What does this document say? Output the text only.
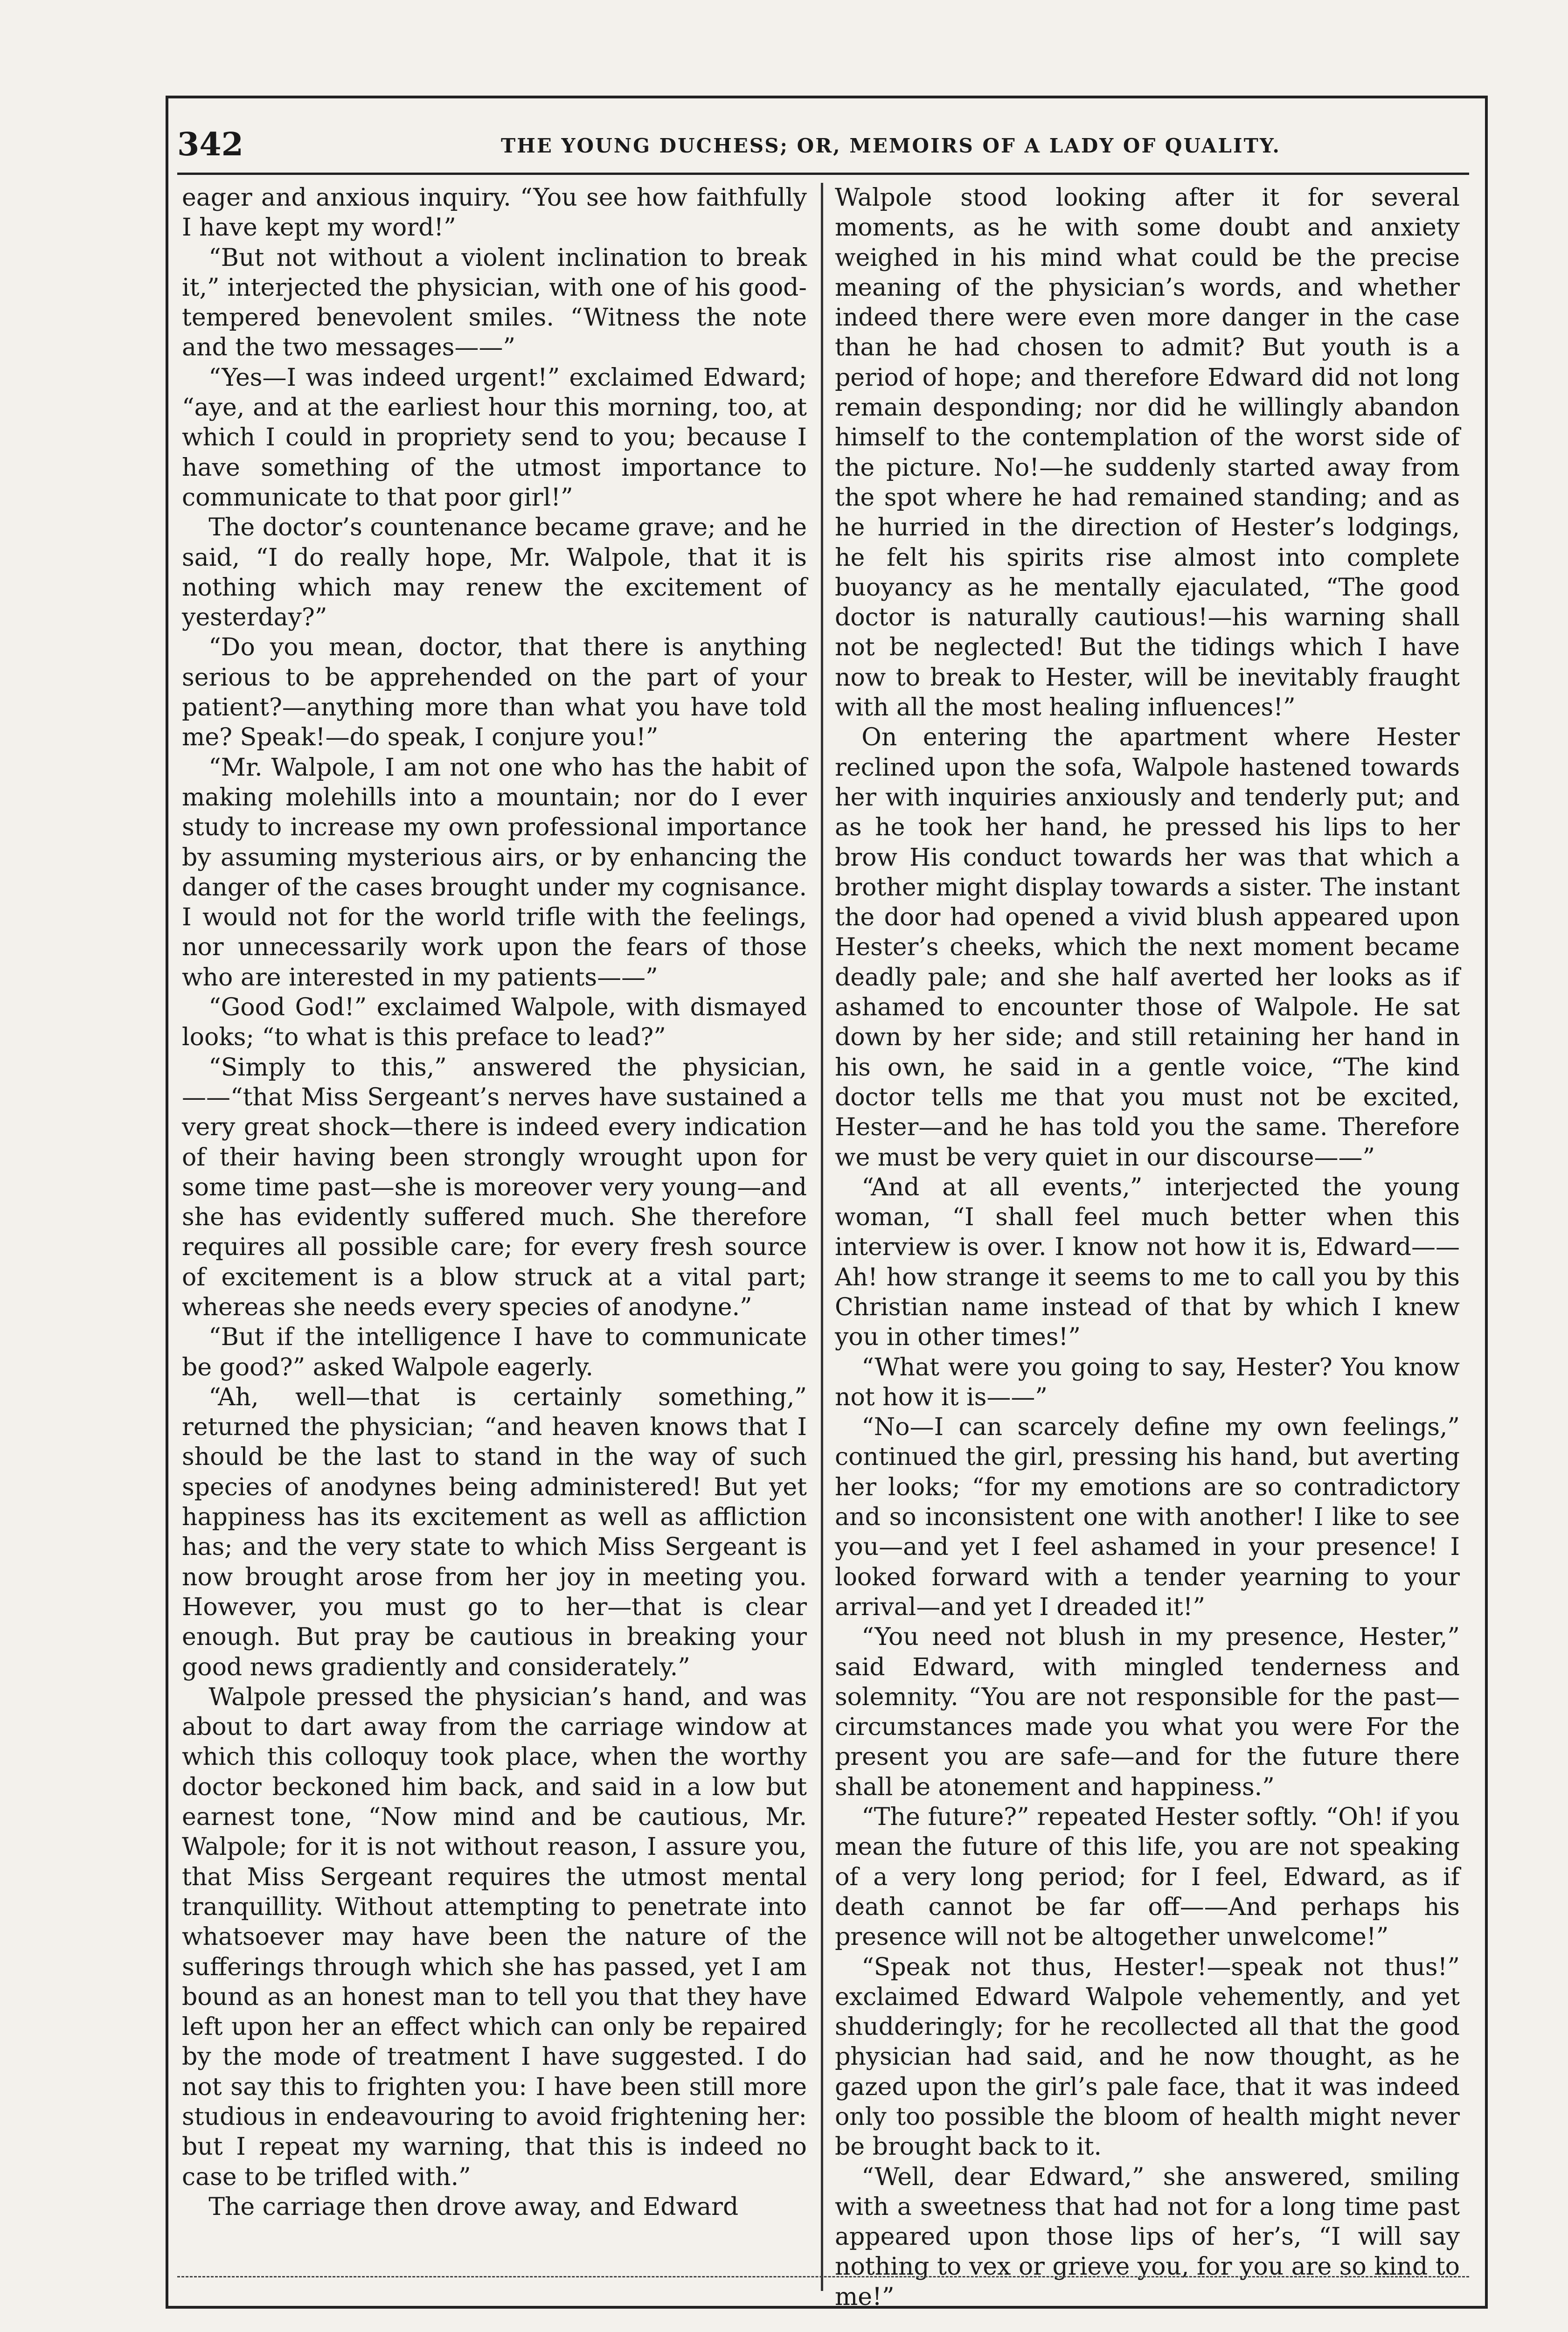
342	THE YOUNG DUCHESS; OR, MEMOIRS OF A LADY OF QUALITY.

eager and anxious inquiry. “You see how faithfully I have kept my word!”

“But not without a violent inclination to break it,” interjected the physician, with one of his good-tempered benevolent smiles. “Witness the note and the two messages——”

“Yes—I was indeed urgent!” exclaimed Edward; “aye, and at the earliest hour this morning, too, at which I could in propriety send to you; because I have something of the utmost importance to communicate to that poor girl!”

The doctor’s countenance became grave; and he said, “I do really hope, Mr. Walpole, that it is nothing which may renew the excitement of yesterday?”

“Do you mean, doctor, that there is anything serious to be apprehended on the part of your patient?—anything more than what you have told me? Speak!—do speak, I conjure you!”

“Mr. Walpole, I am not one who has the habit of making molehills into a mountain; nor do I ever study to increase my own professional importance by assuming mysterious airs, or by enhancing the danger of the cases brought under my cognisance. I would not for the world trifle with the feelings, nor unnecessarily work upon the fears of those who are interested in my patients——”

“Good God!” exclaimed Walpole, with dismayed looks; “to what is this preface to lead?”

“Simply to this,” answered the physician,——“that Miss Sergeant’s nerves have sustained a very great shock—there is indeed every indication of their having been strongly wrought upon for some time past—she is moreover very young—and she has evidently suffered much. She therefore requires all possible care; for every fresh source of excitement is a blow struck at a vital part; whereas she needs every species of anodyne.”

“But if the intelligence I have to communicate be good?” asked Walpole eagerly.

“Ah, well—that is certainly something,” returned the physician; “and heaven knows that I should be the last to stand in the way of such species of anodynes being administered! But yet happiness has its excitement as well as affliction has; and the very state to which Miss Sergeant is now brought arose from her joy in meeting you. However, you must go to her—that is clear enough. But pray be cautious in breaking your good news gradiently and considerately.”

Walpole pressed the physician’s hand, and was about to dart away from the carriage window at which this colloquy took place, when the worthy doctor beckoned him back, and said in a low but earnest tone, “Now mind and be cautious, Mr. Walpole; for it is not without reason, I assure you, that Miss Sergeant requires the utmost mental tranquillity. Without attempting to penetrate into whatsoever may have been the nature of the sufferings through which she has passed, yet I am bound as an honest man to tell you that they have left upon her an effect which can only be repaired by the mode of treatment I have suggested. I do not say this to frighten you: I have been still more studious in endeavouring to avoid frightening her: but I repeat my warning, that this is indeed no case to be trifled with.”

The carriage then drove away, and Edward

Walpole stood looking after it for several moments, as he with some doubt and anxiety weighed in his mind what could be the precise meaning of the physician’s words, and whether indeed there were even more danger in the case than he had chosen to admit? But youth is a period of hope; and therefore Edward did not long remain desponding; nor did he willingly abandon himself to the contemplation of the worst side of the picture. No!—he suddenly started away from the spot where he had remained standing; and as he hurried in the direction of Hester’s lodgings, he felt his spirits rise almost into complete buoyancy as he mentally ejaculated, “The good doctor is naturally cautious!—his warning shall not be neglected! But the tidings which I have now to break to Hester, will be inevitably fraught with all the most healing influences!”

On entering the apartment where Hester reclined upon the sofa, Walpole hastened towards her with inquiries anxiously and tenderly put; and as he took her hand, he pressed his lips to her brow His conduct towards her was that which a brother might display towards a sister. The instant the door had opened a vivid blush appeared upon Hester’s cheeks, which the next moment became deadly pale; and she half averted her looks as if ashamed to encounter those of Walpole. He sat down by her side; and still retaining her hand in his own, he said in a gentle voice, “The kind doctor tells me that you must not be excited, Hester—and he has told you the same. Therefore we must be very quiet in our discourse——”

“And at all events,” interjected the young woman, “I shall feel much better when this interview is over. I know not how it is, Edward——Ah! how strange it seems to me to call you by this Christian name instead of that by which I knew you in other times!”

“What were you going to say, Hester? You know not how it is——”

“No—I can scarcely define my own feelings,” continued the girl, pressing his hand, but averting her looks; “for my emotions are so contradictory and so inconsistent one with another! I like to see you—and yet I feel ashamed in your presence! I looked forward with a tender yearning to your arrival—and yet I dreaded it!”

“You need not blush in my presence, Hester,” said Edward, with mingled tenderness and solemnity. “You are not responsible for the past—circumstances made you what you were For the present you are safe—and for the future there shall be atonement and happiness.”

“The future?” repeated Hester softly. “Oh! if you mean the future of this life, you are not speaking of a very long period; for I feel, Edward, as if death cannot be far off——And perhaps his presence will not be altogether unwelcome!”

“Speak not thus, Hester!—speak not thus!” exclaimed Edward Walpole vehemently, and yet shudderingly; for he recollected all that the good physician had said, and he now thought, as he gazed upon the girl’s pale face, that it was indeed only too possible the bloom of health might never be brought back to it.

“Well, dear Edward,” she answered, smiling with a sweetness that had not for a long time past appeared upon those lips of her’s, “I will say nothing to vex or grieve you, for you are so kind to me!”
